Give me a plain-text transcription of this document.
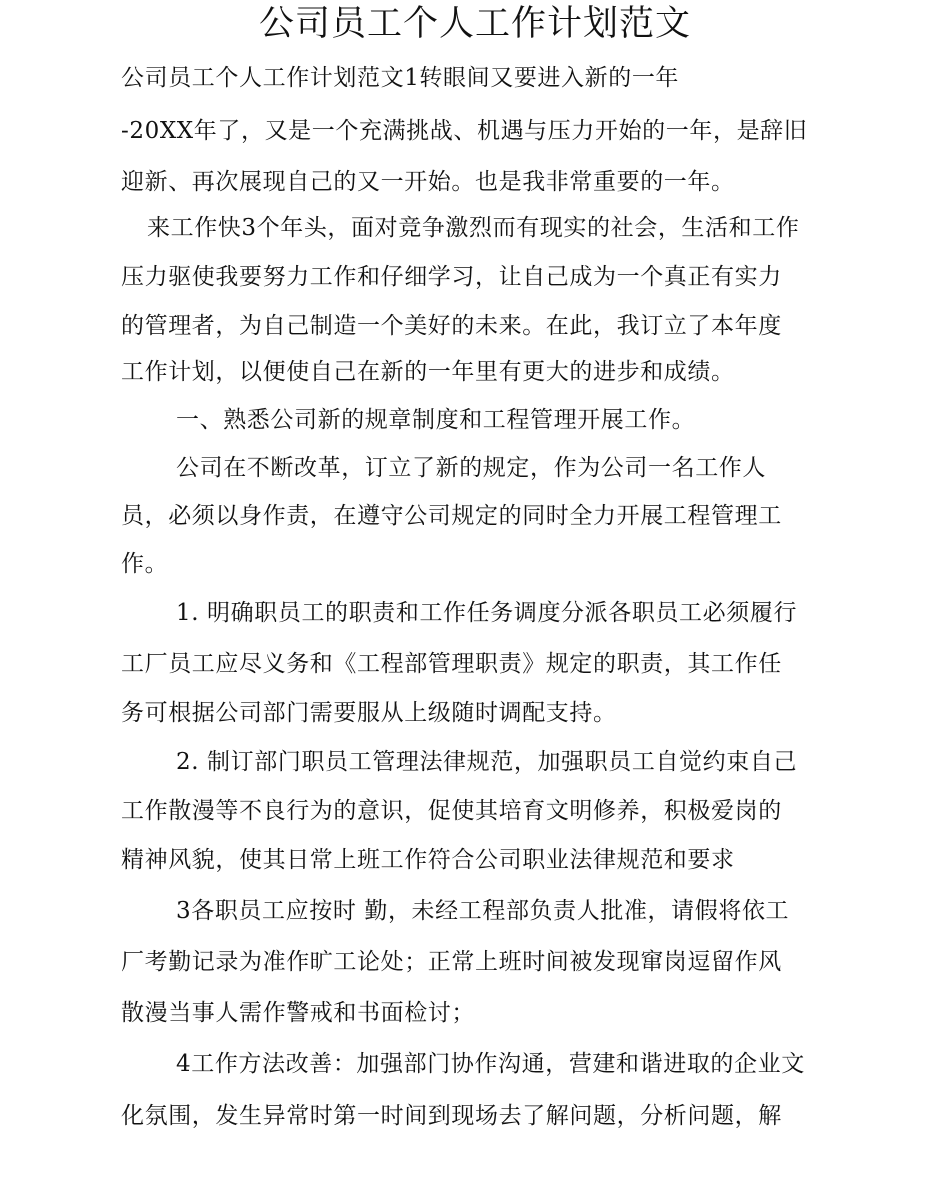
公司员工个人工作计划范文
公司员工个人工作计划范文1转眼间又要进入新的一年
-20XX年了，又是一个充满挑战、机遇与压力开始的一年，是辞旧
迎新、再次展现自己的又一开始。也是我非常重要的一年。
来工作快3个年头，面对竞争激烈而有现实的社会，生活和工作
压力驱使我要努力工作和仔细学习，让自己成为一个真正有实力
的管理者，为自己制造一个美好的未来。在此，我订立了本年度
工作计划，以便使自己在新的一年里有更大的进步和成绩。
一、熟悉公司新的规章制度和工程管理开展工作。
公司在不断改革，订立了新的规定，作为公司一名工作人
员，必须以身作责，在遵守公司规定的同时全力开展工程管理工
作。
1. 明确职员工的职责和工作任务调度分派各职员工必须履行
工厂员工应尽义务和《工程部管理职责》规定的职责，其工作任
务可根据公司部门需要服从上级随时调配支持。
2. 制订部门职员工管理法律规范，加强职员工自觉约束自己
工作散漫等不良行为的意识，促使其培育文明修养，积极爱岗的
精神风貌，使其日常上班工作符合公司职业法律规范和要求
3各职员工应按时 勤，未经工程部负责人批准，请假将依工
厂考勤记录为准作旷工论处；正常上班时间被发现窜岗逗留作风
散漫当事人需作警戒和书面检讨；
4工作方法改善：加强部门协作沟通，营建和谐进取的企业文
化氛围，发生异常时第一时间到现场去了解问题，分析问题，解
